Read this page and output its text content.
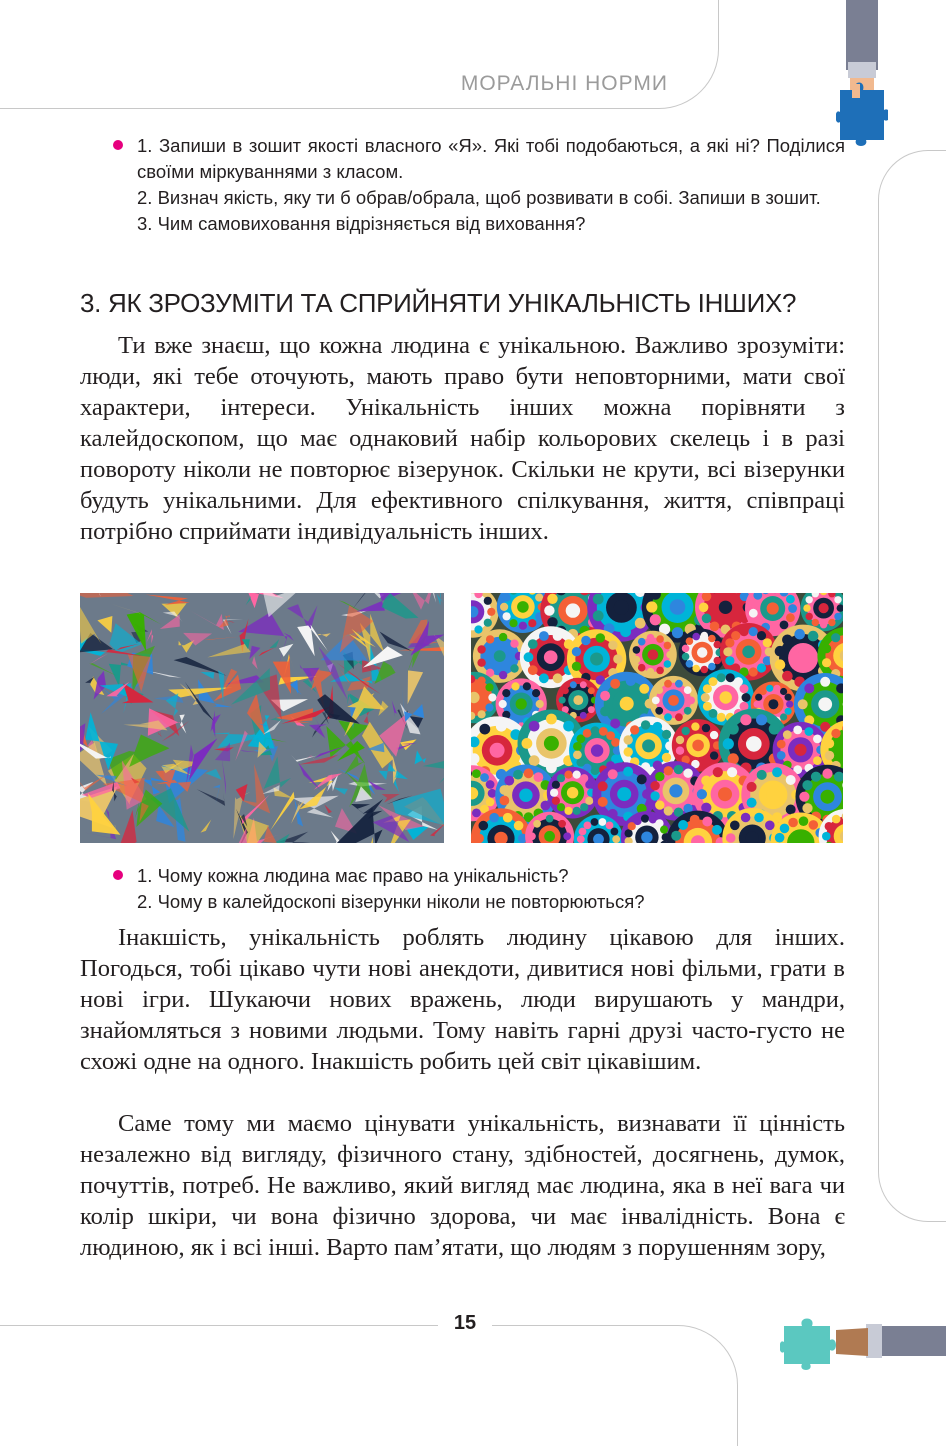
МОРАЛЬНІ НОРМИ
1. Запиши в зошит якості власного «Я». Які тобі подобаються, а які ні? Поділися своїми міркуваннями з класом.
2. Визнач якість, яку ти б обрав/обрала, щоб розвивати в собі. Запиши в зошит.
3. Чим самовиховання відрізняється від виховання?
3. ЯК ЗРОЗУМІТИ ТА СПРИЙНЯТИ УНІКАЛЬНІСТЬ ІНШИХ?

Ти вже знаєш, що кожна людина є унікальною. Важливо зрозуміти: люди, які тебе оточують, мають право бути неповторними, мати свої характери, інтереси. Унікальність інших можна порівняти з калейдоскопом, що має однаковий набір кольорових скелець і в разі повороту ніколи не повторює візерунок. Скільки не крути, всі візерунки будуть унікальними. Для ефективного спілкування, життя, співпраці потрібно сприймати індивідуальність інших.

1. Чому кожна людина має право на унікальність?
2. Чому в калейдоскопі візерунки ніколи не повторюються?

Інакшість, унікальність роблять людину цікавою для інших. Погодься, тобі цікаво чути нові анекдоти, дивитися нові фільми, грати в нові ігри. Шукаючи нових вражень, люди вирушають у мандри, знайомляться з новими людьми. Тому навіть гарні друзі часто-густо не схожі одне на одного. Інакшість робить цей світ цікавішим.

Саме тому ми маємо цінувати унікальність, визнавати її цінність незалежно від вигляду, фізичного стану, здібностей, досягнень, думок, почуттів, потреб. Не важливо, який вигляд має людина, яка в неї вага чи колір шкіри, чи вона фізично здорова, чи має інвалідність. Вона є людиною, як і всі інші. Варто пам’ятати, що людям з порушенням зору,

15
